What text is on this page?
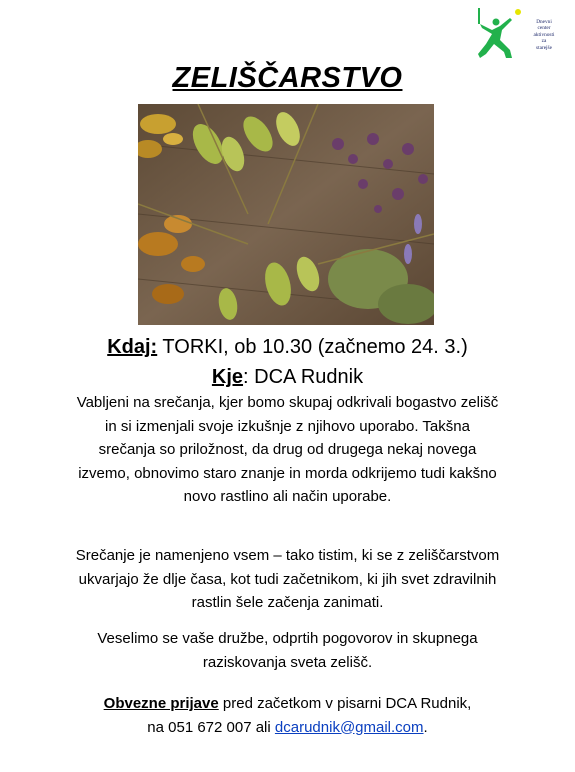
Dnevni
center
aktivnosti
za
starejše
ZELIŠČARSTVO
Kdaj: TORKI, ob 10.30 (začnemo 24. 3.)
Kje: DCA Rudnik
Vabljeni na srečanja, kjer bomo skupaj odkrivali bogastvo zelišč
in si izmenjali svoje izkušnje z njihovo uporabo. Takšna
srečanja so priložnost, da drug od drugega nekaj novega
izvemo, obnovimo staro znanje in morda odkrijemo tudi kakšno
novo rastlino ali način uporabe.
Srečanje je namenjeno vsem – tako tistim, ki se z zeliščarstvom
ukvarjajo že dlje časa, kot tudi začetnikom, ki jih svet zdravilnih
rastlin šele začenja zanimati.
Veselimo se vaše družbe, odprtih pogovorov in skupnega
raziskovanja sveta zelišč.
Obvezne prijave pred začetkom v pisarni DCA Rudnik,
na 051 672 007 ali dcarudnik@gmail.com.
